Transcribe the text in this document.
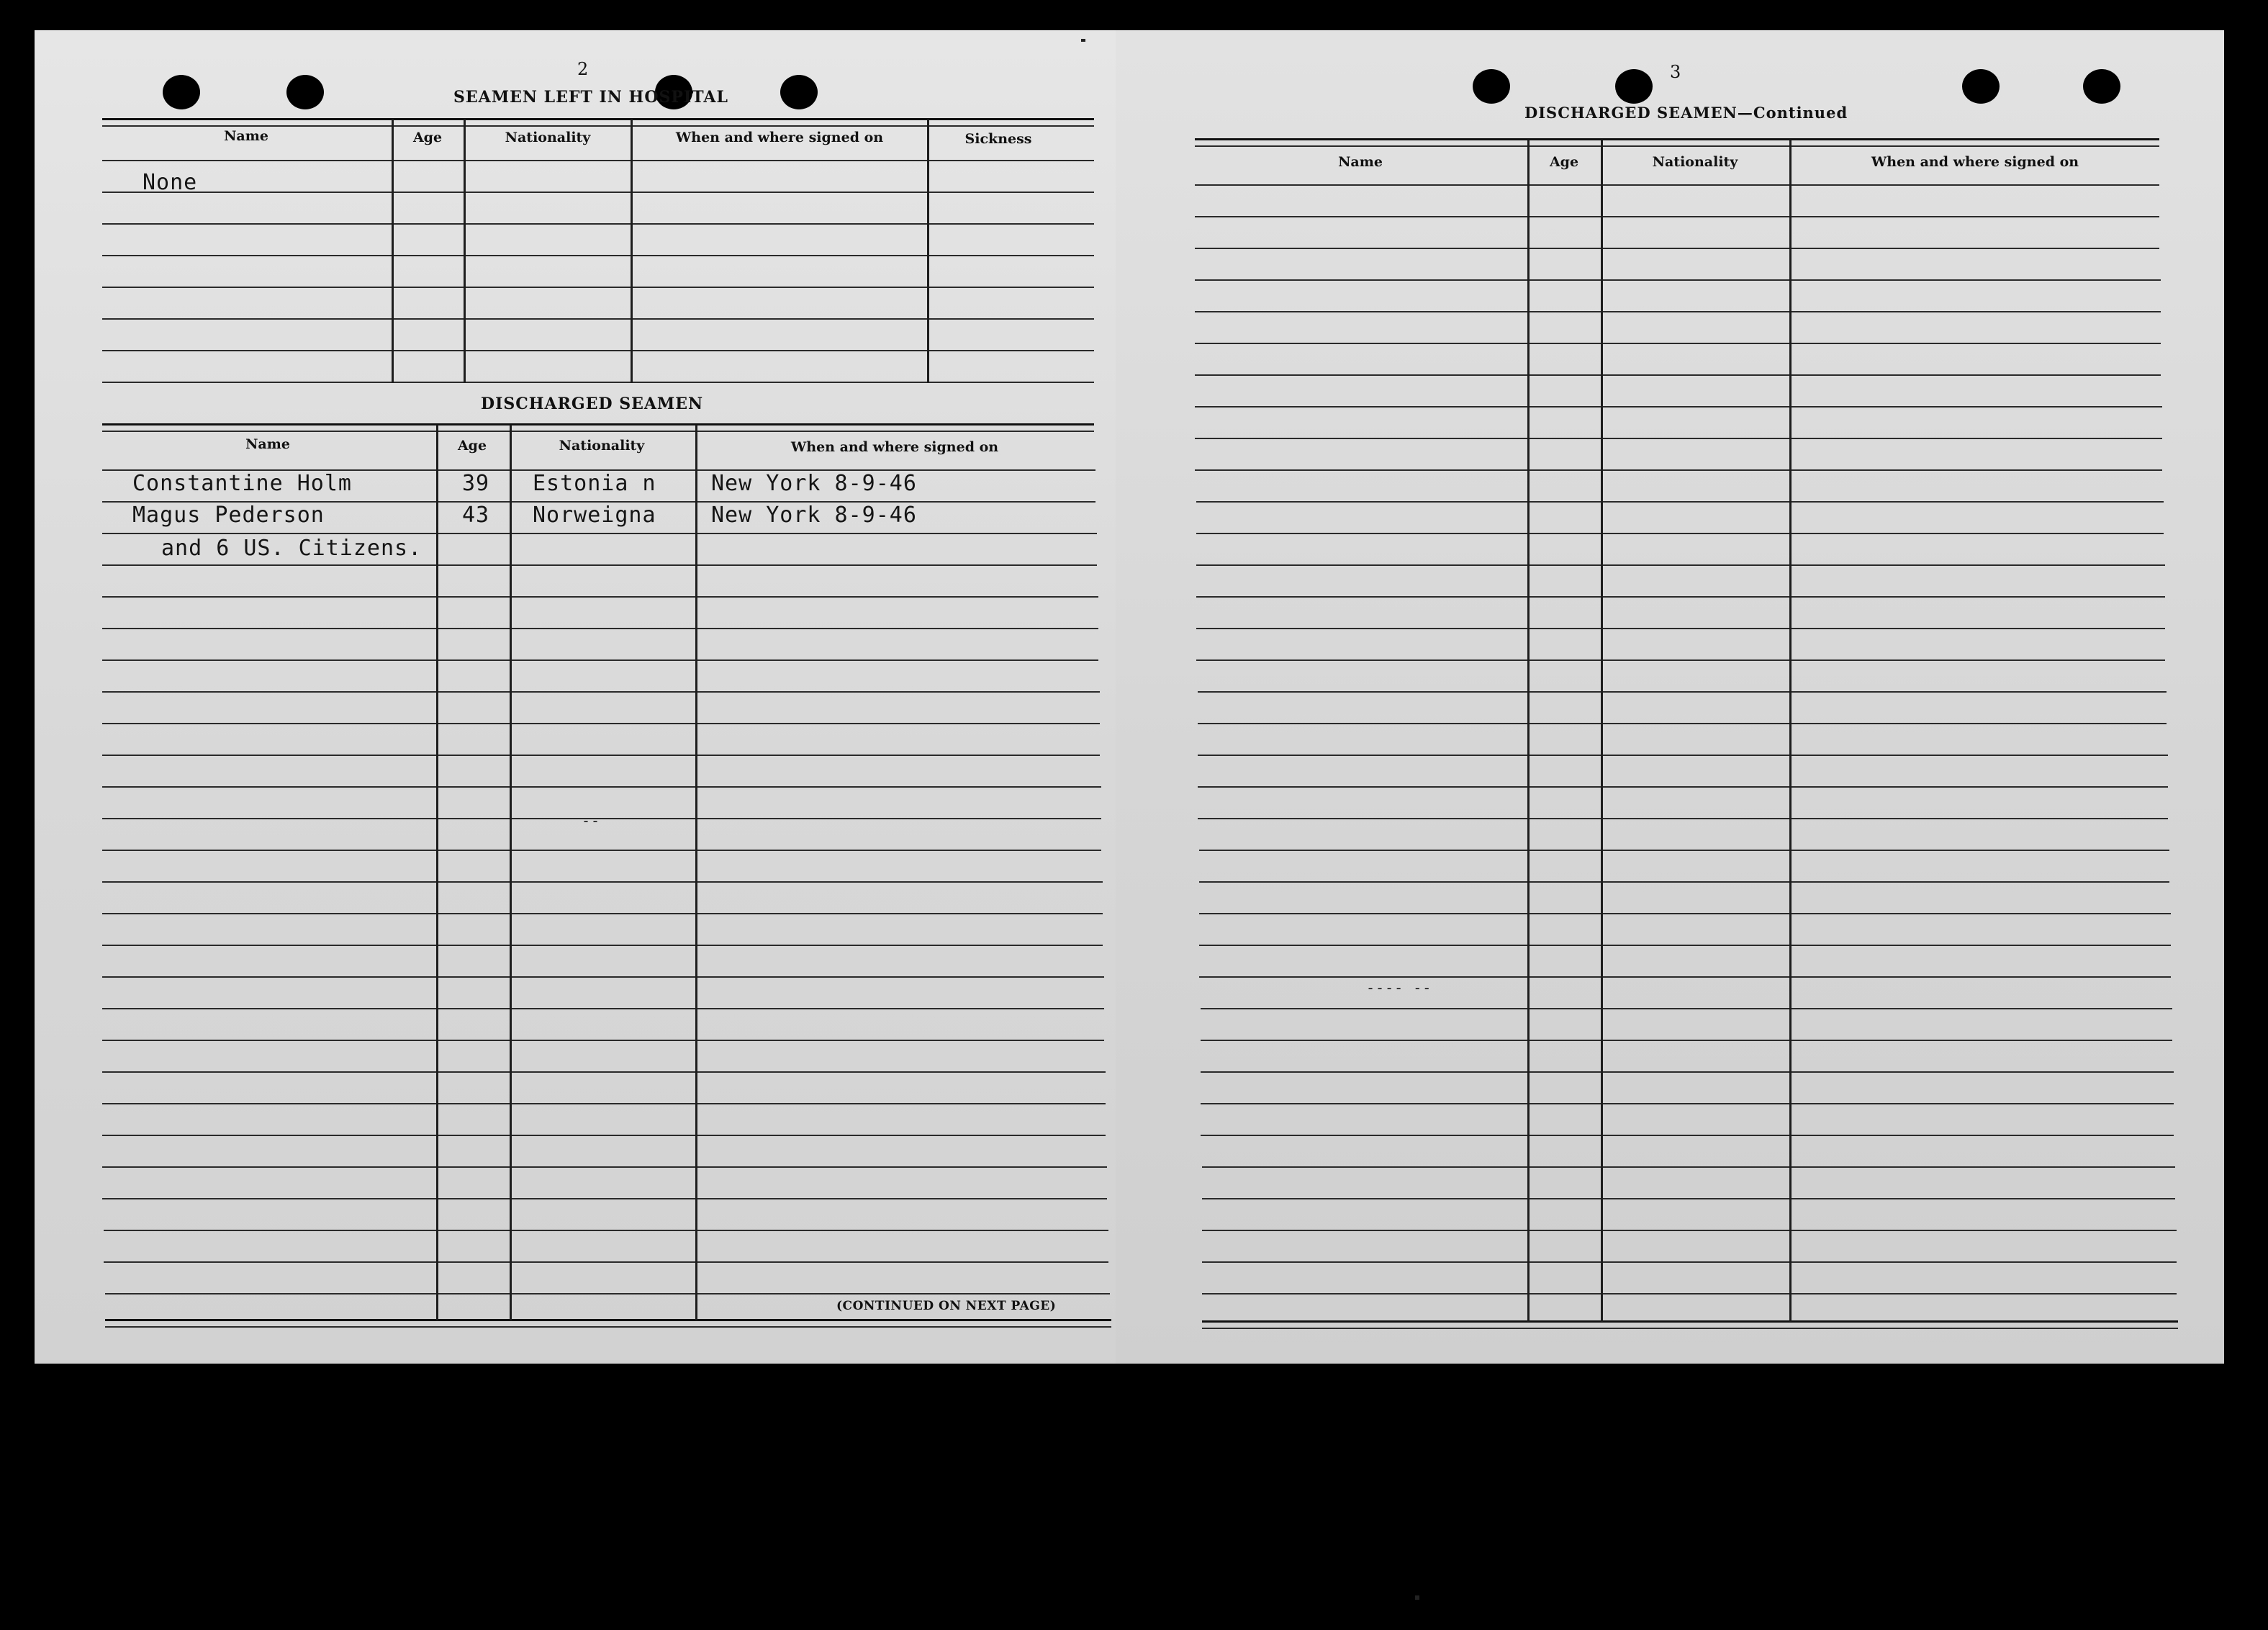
2
SEAMEN LEFT IN HOSPITAL
Name	Age	Nationality	When and where signed on	Sickness
None
DISCHARGED SEAMEN
Name	Age	Nationality	When and where signed on
Constantine Holm	39 Estonia n	New York 8-9-46
Magus Pederson	43 Norweigna	New York 8-9-46
and 6 US. Citizens.
--
(CONTINUED ON NEXT PAGE)
3
DISCHARGED SEAMEN—Continued
Name	Age	Nationality	When and where signed on
---- --
